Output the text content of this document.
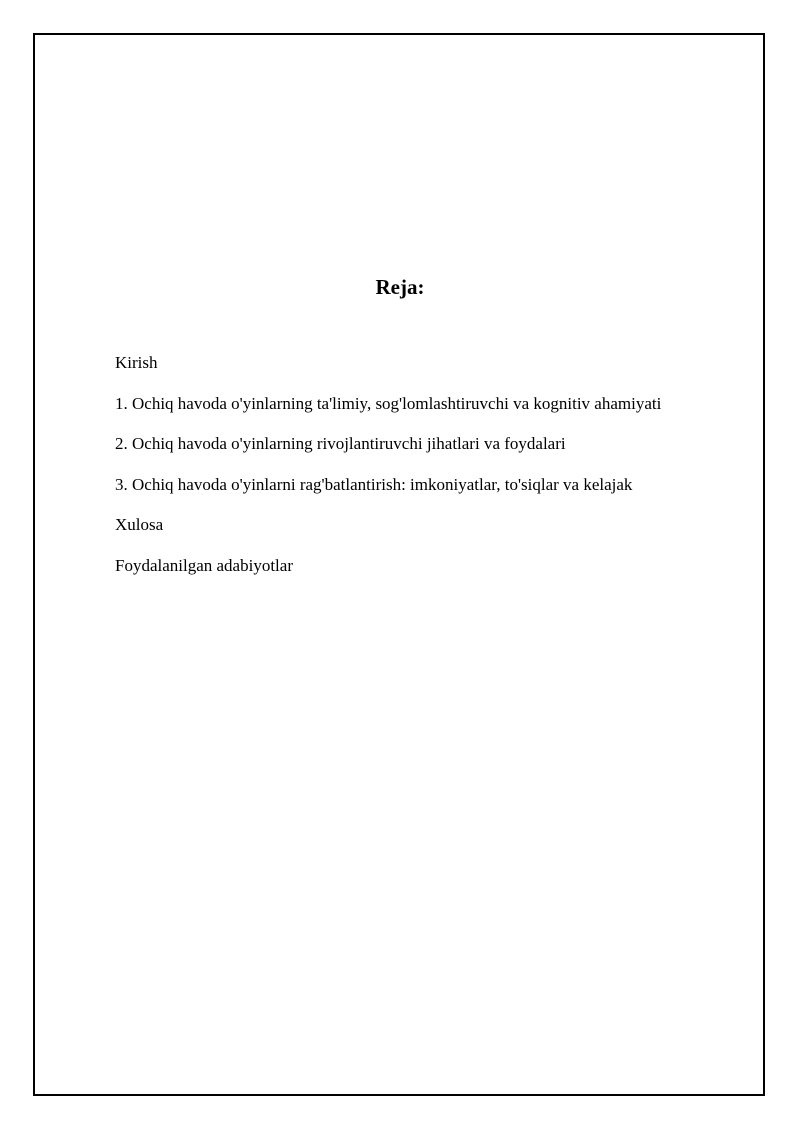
Reja:
Kirish
1. Ochiq havoda o'yinlarning ta'limiy, sog'lomlashtiruvchi va kognitiv ahamiyati
2. Ochiq havoda o'yinlarning rivojlantiruvchi jihatlari va foydalari
3. Ochiq havoda o'yinlarni rag'batlantirish: imkoniyatlar, to'siqlar va kelajak
Xulosa
Foydalanilgan adabiyotlar
